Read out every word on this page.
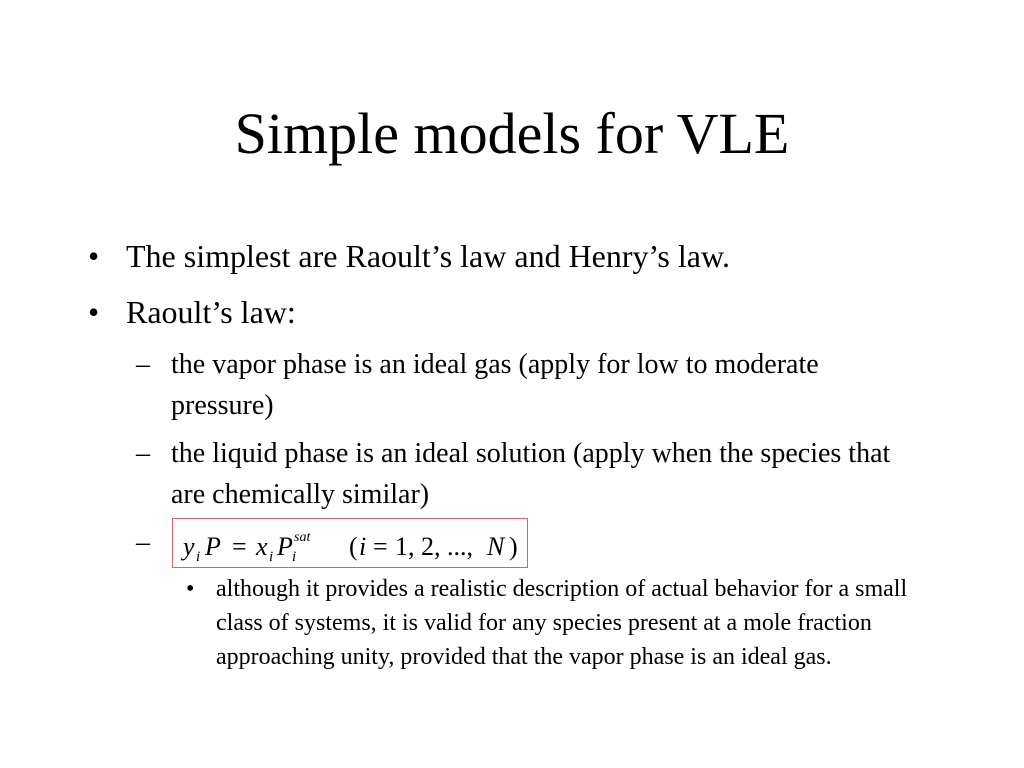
Simple models for VLE
• The simplest are Raoult’s law and Henry’s law.
• Raoult’s law:
– the vapor phase is an ideal gas (apply for low to moderate pressure)
– the liquid phase is an ideal solution (apply when the species that are chemically similar)
– y i P = x i P sat
i ( i = 1, 2, ..., N )
• although it provides a realistic description of actual behavior for a small class of systems, it is valid for any species present at a mole fraction approaching unity, provided that the vapor phase is an ideal gas.
